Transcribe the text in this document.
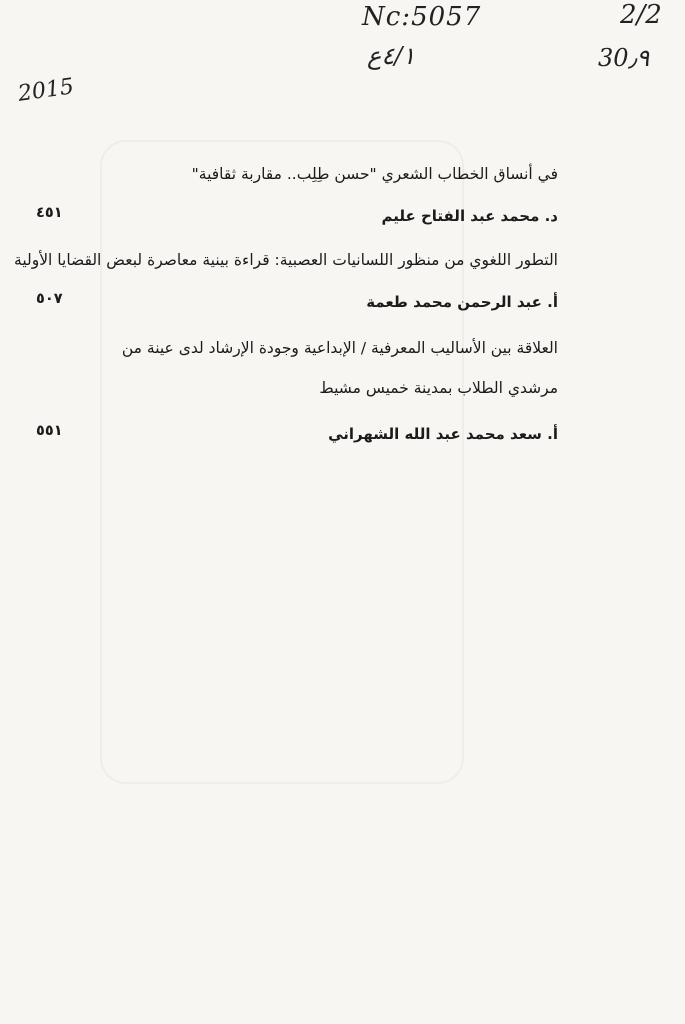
Nc:5057
٤/١ع
2/2
30٫٩
2015
في أنساق الخطاب الشعري "حسن طِلِب.. مقاربة ثقافية"
د. محمد عبد الفتاح عليم
٤٥١
التطور اللغوي من منظور اللسانيات العصبية: قراءة بينية معاصرة لبعض القضايا الأولية
أ. عبد الرحمن محمد طعمة
٥٠٧
العلاقة بين الأساليب المعرفية / الإبداعية وجودة الإرشاد لدى عينة من
مرشدي الطلاب بمدينة خميس مشيط
أ. سعد محمد عبد الله الشهراني
٥٥١
